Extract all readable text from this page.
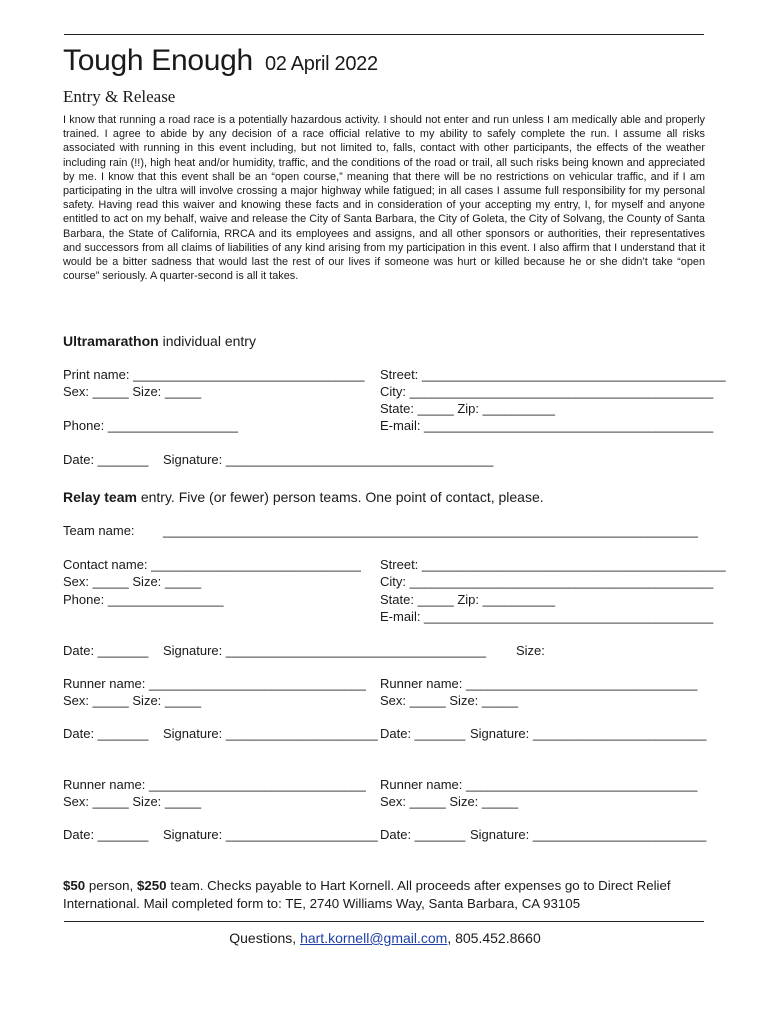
Tough Enough 02 April 2022
Entry & Release
I know that running a road race is a potentially hazardous activity. I should not enter and run unless I am medically able and properly trained. I agree to abide by any decision of a race official relative to my ability to safely complete the run. I assume all risks associated with running in this event including, but not limited to, falls, contact with other participants, the effects of the weather including rain (!!), high heat and/or humidity, traffic, and the conditions of the road or trail, all such risks being known and appreciated by me. I know that this event shall be an “open course,” meaning that there will be no restrictions on vehicular traffic, and if I am participating in the ultra will involve crossing a major highway while fatigued; in all cases I assume full responsibility for my personal safety. Having read this waiver and knowing these facts and in consideration of your accepting my entry, I, for myself and anyone entitled to act on my behalf, waive and release the City of Santa Barbara, the City of Goleta, the City of Solvang, the County of Santa Barbara, the State of California, RRCA and its employees and assigns, and all other sponsors or authorities, their representatives and successors from all claims of liabilities of any kind arising from my participation in this event. I also affirm that I understand that it would be a bitter sadness that would last the rest of our lives if someone was hurt or killed because he or she didn’t take “open course” seriously. A quarter-second is all it takes.
Ultramarathon individual entry
Print name: ________________________________
Sex: _____ Size: _____
Phone: __________________
Street: __________________________________________
City: __________________________________________
State: _____ Zip: __________
E-mail: ________________________________________
Date: _______ Signature: _____________________________________
Relay team entry. Five (or fewer) person teams. One point of contact, please.
Team name: __________________________________________________________________________
Contact name: _____________________________
Sex: _____ Size: _____
Phone: ________________
Street: __________________________________________
City: __________________________________________
State: _____ Zip: __________
E-mail: ________________________________________
Date: _______ Signature: ____________________________________ Size:
Runner name: ______________________________
Sex: _____ Size: _____
Runner name: ________________________________
Sex: _____ Size: _____
Date: _______ Signature: _____________________ Date: _______ Signature: ________________________
Runner name: ______________________________
Sex: _____ Size: _____
Runner name: ________________________________
Sex: _____ Size: _____
Date: _______ Signature: _____________________ Date: _______ Signature: ________________________
$50 person, $250 team. Checks payable to Hart Kornell. All proceeds after expenses go to Direct Relief International. Mail completed form to: TE, 2740 Williams Way, Santa Barbara, CA 93105
Questions, hart.kornell@gmail.com, 805.452.8660
